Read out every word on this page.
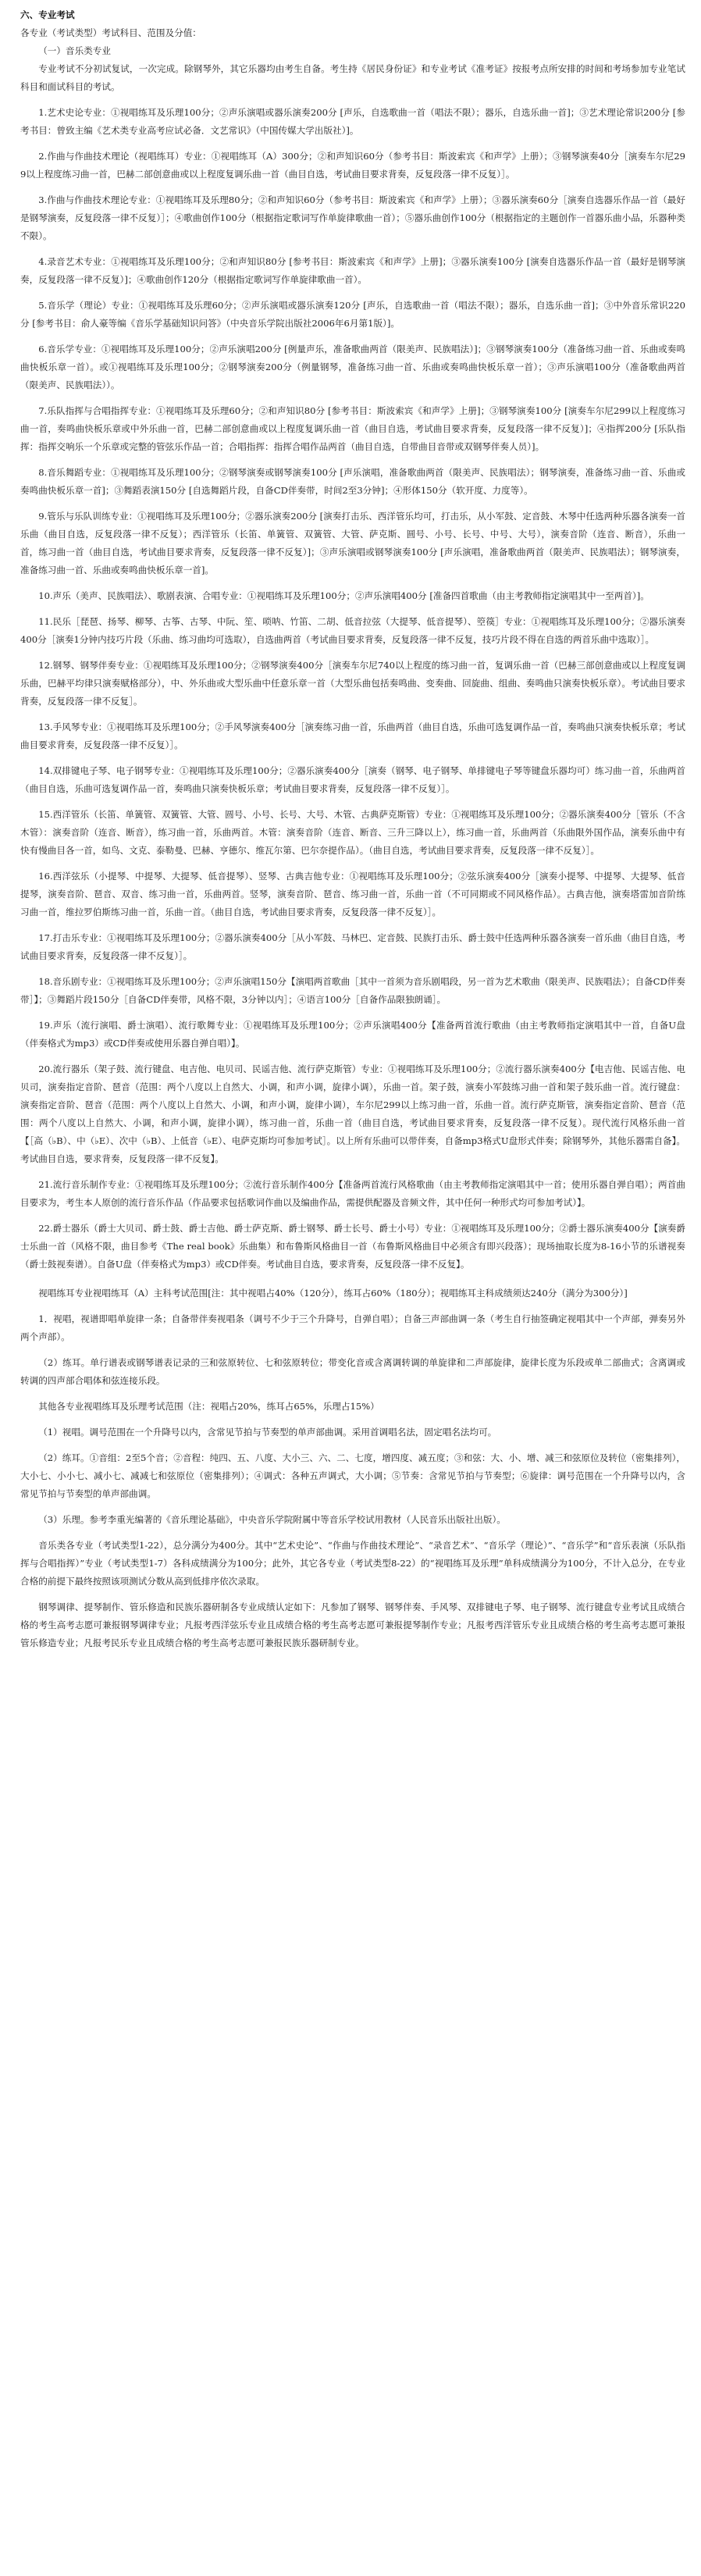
六、专业考试

各专业（考试类型）考试科目、范围及分值：

（一）音乐类专业

专业考试不分初试复试，一次完成。除钢琴外，其它乐器均由考生自备。考生持《居民身份证》和专业考试《准考证》按报考点所安排的时间和考场参加专业笔试科目和面试科目的考试。

1.艺术史论专业：①视唱练耳及乐理100分；②声乐演唱或器乐演奏200分 [声乐，自选歌曲一首（唱法不限）；器乐，自选乐曲一首]；③艺术理论常识200分 [参考书目：曾致主编《艺术类专业高考应试必备．文艺常识》（中国传媒大学出版社）]。

2.作曲与作曲技术理论（视唱练耳）专业：①视唱练耳（A）300分；②和声知识60分（参考书目：斯波索宾《和声学》上册）；③钢琴演奏40分［演奏车尔尼299以上程度练习曲一首，巴赫二部创意曲或以上程度复调乐曲一首（曲目自选，考试曲目要求背奏，反复段落一律不反复）］。

3.作曲与作曲技术理论专业：①视唱练耳及乐理80分；②和声知识60分（参考书目：斯波索宾《和声学》上册）；③器乐演奏60分［演奏自选器乐作品一首（最好是钢琴演奏，反复段落一律不反复）］；④歌曲创作100分（根据指定歌词写作单旋律歌曲一首）；⑤器乐曲创作100分（根据指定的主题创作一首器乐曲小品，乐器种类不限）。

4.录音艺术专业：①视唱练耳及乐理100分；②和声知识80分 [参考书目：斯波索宾《和声学》上册]；③器乐演奏100分 [演奏自选器乐作品一首（最好是钢琴演奏，反复段落一律不反复）]；④歌曲创作120分（根据指定歌词写作单旋律歌曲一首）。

5.音乐学（理论）专业：①视唱练耳及乐理60分；②声乐演唱或器乐演奏120分 [声乐，自选歌曲一首（唱法不限）；器乐，自选乐曲一首]；③中外音乐常识220分 [参考书目：俞人豪等编《音乐学基础知识问答》（中央音乐学院出版社2006年6月第1版）]。

6.音乐学专业：①视唱练耳及乐理100分；②声乐演唱200分 [例量声乐，准备歌曲两首（限美声、民族唱法）]；③钢琴演奏100分（准备练习曲一首、乐曲或奏鸣曲快板乐章一首）。或①视唱练耳及乐理100分；②钢琴演奏200分（例量钢琴，准备练习曲一首、乐曲或奏鸣曲快板乐章一首）；③声乐演唱100分（准备歌曲两首（限美声、民族唱法））。

7.乐队指挥与合唱指挥专业：①视唱练耳及乐理60分；②和声知识80分 [参考书目：斯波索宾《和声学》上册]；③钢琴演奏100分 [演奏车尔尼299以上程度练习曲一首，奏鸣曲快板乐章或中外乐曲一首，巴赫二部创意曲或以上程度复调乐曲一首（曲目自选，考试曲目要求背奏，反复段落一律不反复）]；④指挥200分 [乐队指挥：指挥交响乐一个乐章或完整的管弦乐作品一首；合唱指挥：指挥合唱作品两首（曲目自选，自带曲目音带或双钢琴伴奏人员）]。

8.音乐舞蹈专业：①视唱练耳及乐理100分；②钢琴演奏或钢琴演奏100分 [声乐演唱，准备歌曲两首（限美声、民族唱法）；钢琴演奏，准备练习曲一首、乐曲或奏鸣曲快板乐章一首]；③舞蹈表演150分 [自选舞蹈片段，自备CD伴奏带，时间2至3分钟]；④形体150分（软开度、力度等）。

9.管乐与乐队训练专业：①视唱练耳及乐理100分；②器乐演奏200分 [演奏打击乐、西洋管乐均可，打击乐，从小军鼓、定音鼓、木琴中任选两种乐器各演奏一首乐曲（曲目自选，反复段落一律不反复）；西洋管乐（长笛、单簧管、双簧管、大管、萨克斯、圆号、小号、长号、中号、大号），演奏音阶（连音、断音），乐曲一首，练习曲一首（曲目自选，考试曲目要求背奏，反复段落一律不反复）]；③声乐演唱或钢琴演奏100分 [声乐演唱，准备歌曲两首（限美声、民族唱法）；钢琴演奏，准备练习曲一首、乐曲或奏鸣曲快板乐章一首]。

10.声乐（美声、民族唱法）、歌剧表演、合唱专业：①视唱练耳及乐理100分；②声乐演唱400分 [准备四首歌曲（由主考教师指定演唱其中一至两首）]。

11.民乐［琵琶、扬琴、柳琴、古筝、古琴、中阮、笙、唢呐、竹笛、二胡、低音拉弦（大提琴、低音提琴）、箜篌］专业：①视唱练耳及乐理100分；②器乐演奏400分［演奏1分钟内技巧片段（乐曲、练习曲均可选取），自选曲两首（考试曲目要求背奏，反复段落一律不反复，技巧片段不得在自选的两首乐曲中选取）］。

12.钢琴、钢琴伴奏专业：①视唱练耳及乐理100分；②钢琴演奏400分［演奏车尔尼740以上程度的练习曲一首，复调乐曲一首（巴赫三部创意曲或以上程度复调乐曲，巴赫平均律只演奏赋格部分），中、外乐曲或大型乐曲中任意乐章一首（大型乐曲包括奏鸣曲、变奏曲、回旋曲、组曲、奏鸣曲只演奏快板乐章）。考试曲目要求背奏，反复段落一律不反复］。

13.手风琴专业：①视唱练耳及乐理100分；②手风琴演奏400分［演奏练习曲一首，乐曲两首（曲目自选，乐曲可选复调作品一首，奏鸣曲只演奏快板乐章；考试曲目要求背奏，反复段落一律不反复）］。

14.双排键电子琴、电子钢琴专业：①视唱练耳及乐理100分；②器乐演奏400分［演奏（钢琴、电子钢琴、单排键电子琴等键盘乐器均可）练习曲一首，乐曲两首（曲目自选，乐曲可选复调作品一首，奏鸣曲只演奏快板乐章；考试曲目要求背奏，反复段落一律不反复）］。

15.西洋管乐（长笛、单簧管、双簧管、大管、圆号、小号、长号、大号、木管、古典萨克斯管）专业：①视唱练耳及乐理100分；②器乐演奏400分［管乐（不含木管）：演奏音阶（连音、断音），练习曲一首，乐曲两首。木管：演奏音阶（连音、断音、三升三降以上），练习曲一首，乐曲两首（乐曲限外国作品，演奏乐曲中有快有慢曲目各一首，如鸟、文克、泰勒曼、巴赫、亨德尔、维瓦尔第、巴尔奈提作品）。（曲目自选，考试曲目要求背奏，反复段落一律不反复）］。

16.西洋弦乐（小提琴、中提琴、大提琴、低音提琴）、竖琴、古典吉他专业：①视唱练耳及乐理100分；②弦乐演奏400分［演奏小提琴、中提琴、大提琴、低音提琴，演奏音阶、琶音、双音、练习曲一首，乐曲两首。竖琴，演奏音阶、琶音、练习曲一首，乐曲一首（不可同期或不同风格作品）。古典吉他，演奏塔雷加音阶练习曲一首，维拉罗伯斯练习曲一首，乐曲一首。（曲目自选，考试曲目要求背奏，反复段落一律不反复）］。

17.打击乐专业：①视唱练耳及乐理100分；②器乐演奏400分［从小军鼓、马林巴、定音鼓、民族打击乐、爵士鼓中任选两种乐器各演奏一首乐曲（曲目自选，考试曲目要求背奏，反复段落一律不反复）］。

18.音乐剧专业：①视唱练耳及乐理100分；②声乐演唱150分【演唱两首歌曲［其中一首须为音乐剧唱段，另一首为艺术歌曲（限美声、民族唱法）；自备CD伴奏带］】；③舞蹈片段150分［自备CD伴奏带，风格不限，3分钟以内］；④语言100分［自备作品限独朗诵］。

19.声乐（流行演唱、爵士演唱）、流行歌舞专业：①视唱练耳及乐理100分；②声乐演唱400分【准备两首流行歌曲（由主考教师指定演唱其中一首，自备U盘（伴奏格式为mp3）或CD伴奏或使用乐器自弹自唱）】。

20.流行器乐（架子鼓、流行键盘、电吉他、电贝司、民谣吉他、流行萨克斯管）专业：①视唱练耳及乐理100分；②流行器乐演奏400分【电吉他、民谣吉他、电贝司，演奏指定音阶、琶音（范围：两个八度以上自然大、小调，和声小调，旋律小调），乐曲一首。架子鼓，演奏小军鼓练习曲一首和架子鼓乐曲一首。流行键盘：演奏指定音阶、琶音（范围：两个八度以上自然大、小调，和声小调，旋律小调），车尔尼299以上练习曲一首，乐曲一首。流行萨克斯管，演奏指定音阶、琶音（范围：两个八度以上自然大、小调，和声小调，旋律小调），练习曲一首，乐曲一首（曲目自选，考试曲目要求背奏，反复段落一律不反复）。现代流行风格乐曲一首【［高（♭B）、中（♭E）、次中（♭B）、上低音（♭E）、电萨克斯均可参加考试］。以上所有乐曲可以带伴奏，自备mp3格式U盘形式伴奏；除钢琴外，其他乐器需自备】。考试曲目自选，要求背奏，反复段落一律不反复】。

21.流行音乐制作专业：①视唱练耳及乐理100分；②流行音乐制作400分【准备两首流行风格歌曲（由主考教师指定演唱其中一首；使用乐器自弹自唱）；两首曲目要求为，考生本人原创的流行音乐作品（作品要求包括歌词作曲以及编曲作品，需提供配器及音频文件，其中任何一种形式均可参加考试）】。

22.爵士器乐（爵士大贝司、爵士鼓、爵士吉他、爵士萨克斯、爵士钢琴、爵士长号、爵士小号）专业：①视唱练耳及乐理100分；②爵士器乐演奏400分【演奏爵士乐曲一首（风格不限，曲目参考《The real book》乐曲集）和布鲁斯风格曲目一首（布鲁斯风格曲目中必须含有即兴段落）；现场抽取长度为8-16小节的乐谱视奏（爵士鼓视奏谱）。自备U盘（伴奏格式为mp3）或CD伴奏。考试曲目自选，要求背奏，反复段落一律不反复】。

视唱练耳专业视唱练耳（A）主科考试范围[注：其中视唱占40%（120分），练耳占60%（180分）；视唱练耳主科成绩须达240分（满分为300分）]

1．视唱，视谱即唱单旋律一条；自备带伴奏视唱条（调号不少于三个升降号，自弹自唱）；自备三声部曲调一条（考生自行抽签确定视唱其中一个声部，弹奏另外两个声部）。

（2）练耳。单行谱表或钢琴谱表记录的三和弦原转位、七和弦原转位；带变化音或含离调转调的单旋律和二声部旋律，旋律长度为乐段或单二部曲式；含离调或转调的四声部合唱体和弦连接乐段。

其他各专业视唱练耳及乐理考试范围（注：视唱占20%，练耳占65%，乐理占15%）

（1）视唱。调号范围在一个升降号以内，含常见节拍与节奏型的单声部曲调。采用首调唱名法，固定唱名法均可。

（2）练耳。①音组：2至5个音；②音程：纯四、五、八度、大小三、六、二、七度，增四度、减五度；③和弦：大、小、增、减三和弦原位及转位（密集排列），大小七、小小七、减小七、减减七和弦原位（密集排列）；④调式：各种五声调式，大小调；⑤节奏：含常见节拍与节奏型；⑥旋律：调号范围在一个升降号以内，含常见节拍与节奏型的单声部曲调。

（3）乐理。参考李重光编著的《音乐理论基础》，中央音乐学院附属中等音乐学校试用教材（人民音乐出版社出版）。

音乐类各专业（考试类型1-22），总分满分为400分。其中“艺术史论”、“作曲与作曲技术理论”、“录音艺术”、“音乐学（理论）”、“音乐学”和“音乐表演（乐队指挥与合唱指挥）”专业（考试类型1-7）各科成绩满分为100分；此外，其它各专业（考试类型8-22）的“视唱练耳及乐理”单科成绩满分为100分，不计入总分，在专业合格的前提下最终按照该项测试分数从高到低排序依次录取。

钢琴调律、提琴制作、管乐修造和民族乐器研制各专业成绩认定如下：凡参加了钢琴、钢琴伴奏、手风琴、双排键电子琴、电子钢琴、流行键盘专业考试且成绩合格的考生高考志愿可兼报钢琴调律专业；凡报考西洋弦乐专业且成绩合格的考生高考志愿可兼报提琴制作专业；凡报考西洋管乐专业且成绩合格的考生高考志愿可兼报管乐修造专业；凡报考民乐专业且成绩合格的考生高考志愿可兼报民族乐器研制专业。
